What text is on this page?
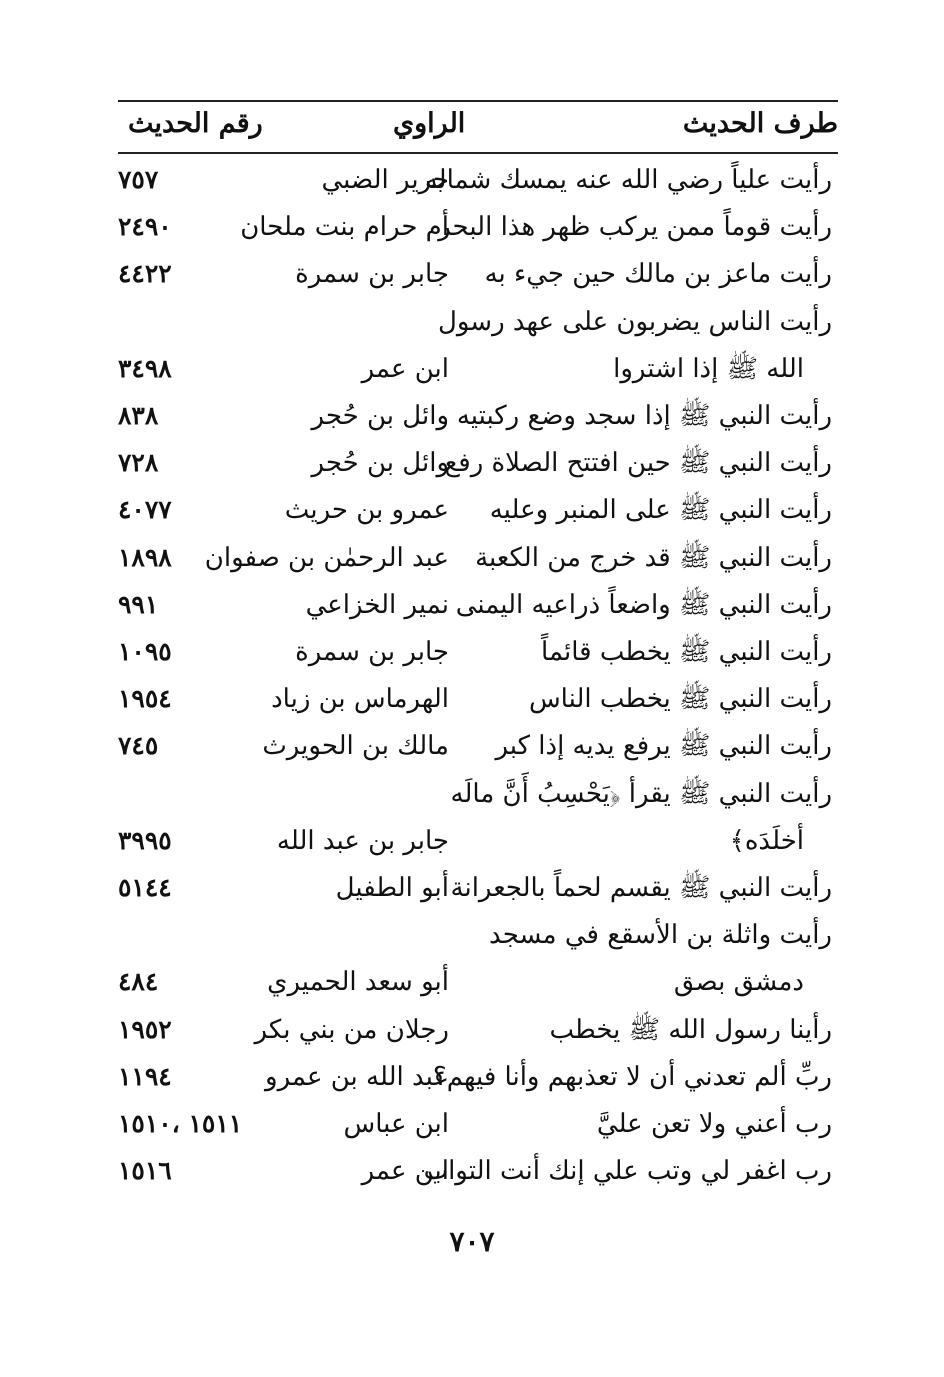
طرف الحديث
الراوي
رقم الحديث
رأيت علياً رضي الله عنه يمسك شماله
جرير الضبي
٧٥٧
رأيت قوماً ممن يركب ظهر هذا البحر
أم حرام بنت ملحان
٢٤٩٠
رأيت ماعز بن مالك حين جيء به
جابر بن سمرة
٤٤٢٢
رأيت الناس يضربون على عهد رسول
الله ﷺ إذا اشتروا
ابن عمر
٣٤٩٨
رأيت النبي ﷺ إذا سجد وضع ركبتيه
وائل بن حُجر
٨٣٨
رأيت النبي ﷺ حين افتتح الصلاة رفع
وائل بن حُجر
٧٢٨
رأيت النبي ﷺ على المنبر وعليه
عمرو بن حريث
٤٠٧٧
رأيت النبي ﷺ قد خرج من الكعبة
عبد الرحمٰن بن صفوان
١٨٩٨
رأيت النبي ﷺ واضعاً ذراعيه اليمنى
نمير الخزاعي
٩٩١
رأيت النبي ﷺ يخطب قائماً
جابر بن سمرة
١٠٩٥
رأيت النبي ﷺ يخطب الناس
الهرماس بن زياد
١٩٥٤
رأيت النبي ﷺ يرفع يديه إذا كبر
مالك بن الحويرث
٧٤٥
رأيت النبي ﷺ يقرأ ﴿يَحْسِبُ أَنَّ مالَه
أخلَدَه﴾
جابر بن عبد الله
٣٩٩٥
رأيت النبي ﷺ يقسم لحماً بالجعرانة
أبو الطفيل
٥١٤٤
رأيت واثلة بن الأسقع في مسجد
دمشق بصق
أبو سعد الحميري
٤٨٤
رأينا رسول الله ﷺ يخطب
رجلان من بني بكر
١٩٥٢
ربِّ ألم تعدني أن لا تعذبهم وأنا فيهم؟
عبد الله بن عمرو
١١٩٤
رب أعني ولا تعن عليَّ
ابن عباس
١٥١١ ،١٥١٠
رب اغفر لي وتب علي إنك أنت التواب
ابن عمر
١٥١٦
٧٠٧
